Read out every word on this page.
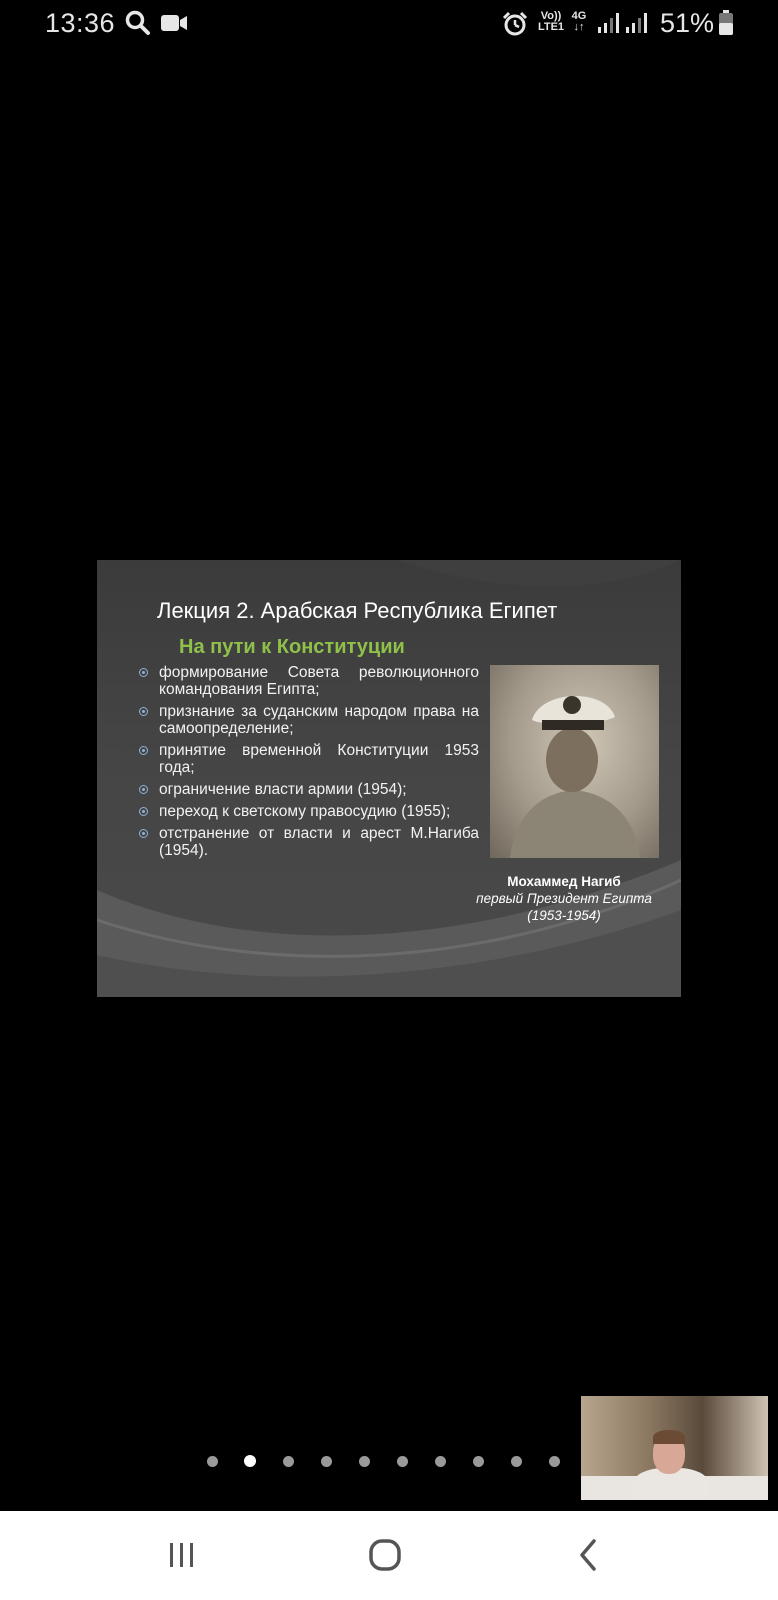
13:36	Vo))
LTE1
4G
↓↑	51%
Лекция 2. Арабская Республика Египет
На пути к Конституции
формирование Совета революционного командования Египта;
признание за суданским народом права на самоопределение;
принятие временной Конституции 1953 года;
ограничение власти армии (1954);
переход к светскому правосудию (1955);
отстранение от власти и арест М.Нагиба (1954).
Мохаммед Нагиб
первый Президент Египта
(1953-1954)
